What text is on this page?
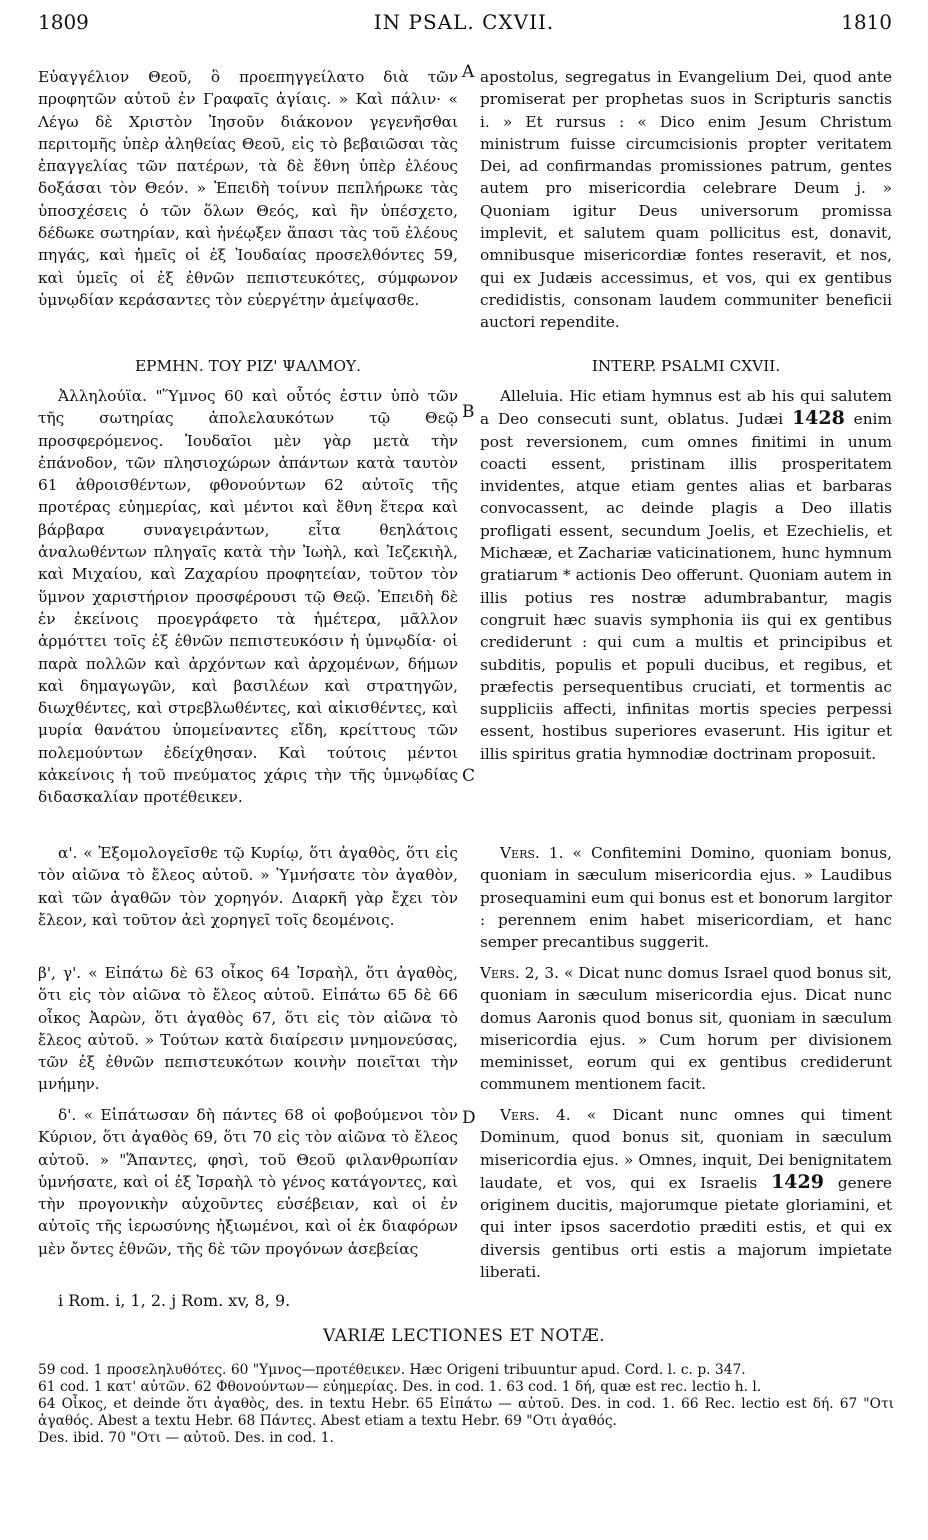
1809	IN PSAL. CXVII.	1810
A
B
C
D

Εὐαγγέλιον Θεοῦ, ὃ προεπηγγείλατο διὰ τῶν προφητῶν αὐτοῦ ἐν Γραφαῖς ἁγίαις. » Καὶ πάλιν· « Λέγω δὲ Χριστὸν Ἰησοῦν διάκονον γεγενῆσθαι περιτομῆς ὑπὲρ ἀληθείας Θεοῦ, εἰς τὸ βεβαιῶσαι τὰς ἐπαγγελίας τῶν πατέρων, τὰ δὲ ἔθνη ὑπὲρ ἐλέους δοξάσαι τὸν Θεόν. » Ἐπειδὴ τοίνυν πεπλήρωκε τὰς ὑποσχέσεις ὁ τῶν ὅλων Θεός, καὶ ἣν ὑπέσχετο, δέδωκε σωτηρίαν, καὶ ἠνέῳξεν ἅπασι τὰς τοῦ ἐλέους πηγάς, καὶ ἡμεῖς οἱ ἐξ Ἰουδαίας προσελθόντες 59, καὶ ὑμεῖς οἱ ἐξ ἐθνῶν πεπιστευκότες, σύμφωνον ὑμνῳδίαν κεράσαντες τὸν εὐεργέτην ἀμείψασθε.

ΕΡΜΗΝ. ΤΟΥ ΡΙΖ' ΨΑΛΜΟΥ.

Ἀλληλούϊα. "Ὕμνος 60 καὶ οὗτός ἐστιν ὑπὸ τῶν τῆς σωτηρίας ἀπολελαυκότων τῷ Θεῷ προσφερόμενος. Ἰουδαῖοι μὲν γὰρ μετὰ τὴν ἐπάνοδον, τῶν πλησιοχώρων ἁπάντων κατὰ ταυτὸν 61 ἀθροισθέντων, φθονούντων 62 αὐτοῖς τῆς προτέρας εὐημερίας, καὶ μέντοι καὶ ἔθνη ἕτερα καὶ βάρβαρα συναγειράντων, εἶτα θεηλάτοις ἀναλωθέντων πληγαῖς κατὰ τὴν Ἰωὴλ, καὶ Ἰεζεκιὴλ, καὶ Μιχαίου, καὶ Ζαχαρίου προφητείαν, τοῦτον τὸν ὕμνον χαριστήριον προσφέρουσι τῷ Θεῷ. Ἐπειδὴ δὲ ἐν ἐκείνοις προεγράφετο τὰ ἡμέτερα, μᾶλλον ἁρμόττει τοῖς ἐξ ἐθνῶν πεπιστευκόσιν ἡ ὑμνῳδία· οἱ παρὰ πολλῶν καὶ ἀρχόντων καὶ ἀρχομένων, δήμων καὶ δημαγωγῶν, καὶ βασιλέων καὶ στρατηγῶν, διωχθέντες, καὶ στρεβλωθέντες, καὶ αἰκισθέντες, καὶ μυρία θανάτου ὑπομείναντες εἴδη, κρείττους τῶν πολεμούντων ἐδείχθησαν. Καὶ τούτοις μέντοι κἀκείνοις ἡ τοῦ πνεύματος χάρις τὴν τῆς ὑμνῳδίας διδασκαλίαν προτέθεικεν.

α'. « Ἐξομολογεῖσθε τῷ Κυρίῳ, ὅτι ἀγαθὸς, ὅτι εἰς τὸν αἰῶνα τὸ ἔλεος αὐτοῦ. » Ὑμνήσατε τὸν ἀγαθὸν, καὶ τῶν ἀγαθῶν τὸν χορηγόν. Διαρκῆ γὰρ ἔχει τὸν ἔλεον, καὶ τοῦτον ἀεὶ χορηγεῖ τοῖς δεομένοις.

β', γ'. « Εἰπάτω δὲ 63 οἶκος 64 Ἰσραὴλ, ὅτι ἀγαθὸς, ὅτι εἰς τὸν αἰῶνα τὸ ἔλεος αὐτοῦ. Εἰπάτω 65 δὲ 66 οἶκος Ἀαρὼν, ὅτι ἀγαθὸς 67, ὅτι εἰς τὸν αἰῶνα τὸ ἔλεος αὐτοῦ. » Τούτων κατὰ διαίρεσιν μνημονεύσας, τῶν ἐξ ἐθνῶν πεπιστευκότων κοινὴν ποιεῖται τὴν μνήμην.

δ'. « Εἰπάτωσαν δὴ πάντες 68 οἱ φοβούμενοι τὸν Κύριον, ὅτι ἀγαθὸς 69, ὅτι 70 εἰς τὸν αἰῶνα τὸ ἔλεος αὐτοῦ. » "Ἅπαντες, φησὶ, τοῦ Θεοῦ φιλανθρωπίαν ὑμνήσατε, καὶ οἱ ἐξ Ἰσραὴλ τὸ γένος κατάγοντες, καὶ τὴν προγονικὴν αὐχοῦντες εὐσέβειαν, καὶ οἱ ἐν αὐτοῖς τῆς ἱερωσύνης ἠξιωμένοι, καὶ οἱ ἐκ διαφόρων μὲν ὄντες ἐθνῶν, τῆς δὲ τῶν προγόνων ἀσεβείας

apostolus, segregatus in Evangelium Dei, quod ante promiserat per prophetas suos in Scripturis sanctis i. » Et rursus : « Dico enim Jesum Christum ministrum fuisse circumcisionis propter veritatem Dei, ad confirmandas promissiones patrum, gentes autem pro misericordia celebrare Deum j. » Quoniam igitur Deus universorum promissa implevit, et salutem quam pollicitus est, donavit, omnibusque misericordiæ fontes reseravit, et nos, qui ex Judæis accessimus, et vos, qui ex gentibus credidistis, consonam laudem communiter beneficii auctori rependite.

INTERP. PSALMI CXVII.

Alleluia. Hic etiam hymnus est ab his qui salutem a Deo consecuti sunt, oblatus. Judæi 1428 enim post reversionem, cum omnes finitimi in unum coacti essent, pristinam illis prosperitatem invidentes, atque etiam gentes alias et barbaras convocassent, ac deinde plagis a Deo illatis profligati essent, secundum Joelis, et Ezechielis, et Michææ, et Zachariæ vaticinationem, hunc hymnum gratiarum * actionis Deo offerunt. Quoniam autem in illis potius res nostræ adumbrabantur, magis congruit hæc suavis symphonia iis qui ex gentibus crediderunt : qui cum a multis et principibus et subditis, populis et populi ducibus, et regibus, et præfectis persequentibus cruciati, et tormentis ac suppliciis affecti, infinitas mortis species perpessi essent, hostibus superiores evaserunt. His igitur et illis spiritus gratia hymnodiæ doctrinam proposuit.

Vers. 1. « Confitemini Domino, quoniam bonus, quoniam in sæculum misericordia ejus. » Laudibus prosequamini eum qui bonus est et bonorum largitor : perennem enim habet misericordiam, et hanc semper precantibus suggerit.

Vers. 2, 3. « Dicat nunc domus Israel quod bonus sit, quoniam in sæculum misericordia ejus. Dicat nunc domus Aaronis quod bonus sit, quoniam in sæculum misericordia ejus. » Cum horum per divisionem meminisset, eorum qui ex gentibus crediderunt communem mentionem facit.

Vers. 4. « Dicant nunc omnes qui timent Dominum, quod bonus sit, quoniam in sæculum misericordia ejus. » Omnes, inquit, Dei benignitatem laudate, et vos, qui ex Israelis 1429 genere originem ducitis, majorumque pietate gloriamini, et qui inter ipsos sacerdotio præditi estis, et qui ex diversis gentibus orti estis a majorum impietate liberati.

i Rom. i, 1, 2. j Rom. xv, 8, 9.
VARIÆ LECTIONES ET NOTÆ.

59 cod. 1 προσεληλυθότες. 60 "Υμνος—προτέθεικεν. Hæc Origeni tribuuntur apud. Cord. l. c. p. 347.

61 cod. 1 κατ' αὐτῶν. 62 Φθονούντων— εὐημερίας. Des. in cod. 1. 63 cod. 1 δή, quæ est rec. lectio h. l.

64 Οἶκος, et deinde ὅτι ἀγαθὸς, des. in textu Hebr. 65 Εἰπάτω — αὐτοῦ. Des. in cod. 1. 66 Rec. lectio est δή. 67 "Οτι ἀγαθός. Abest a textu Hebr. 68 Πάντες. Abest etiam a textu Hebr. 69 "Οτι ἀγαθός.

Des. ibid. 70 "Οτι — αὐτοῦ. Des. in cod. 1.
